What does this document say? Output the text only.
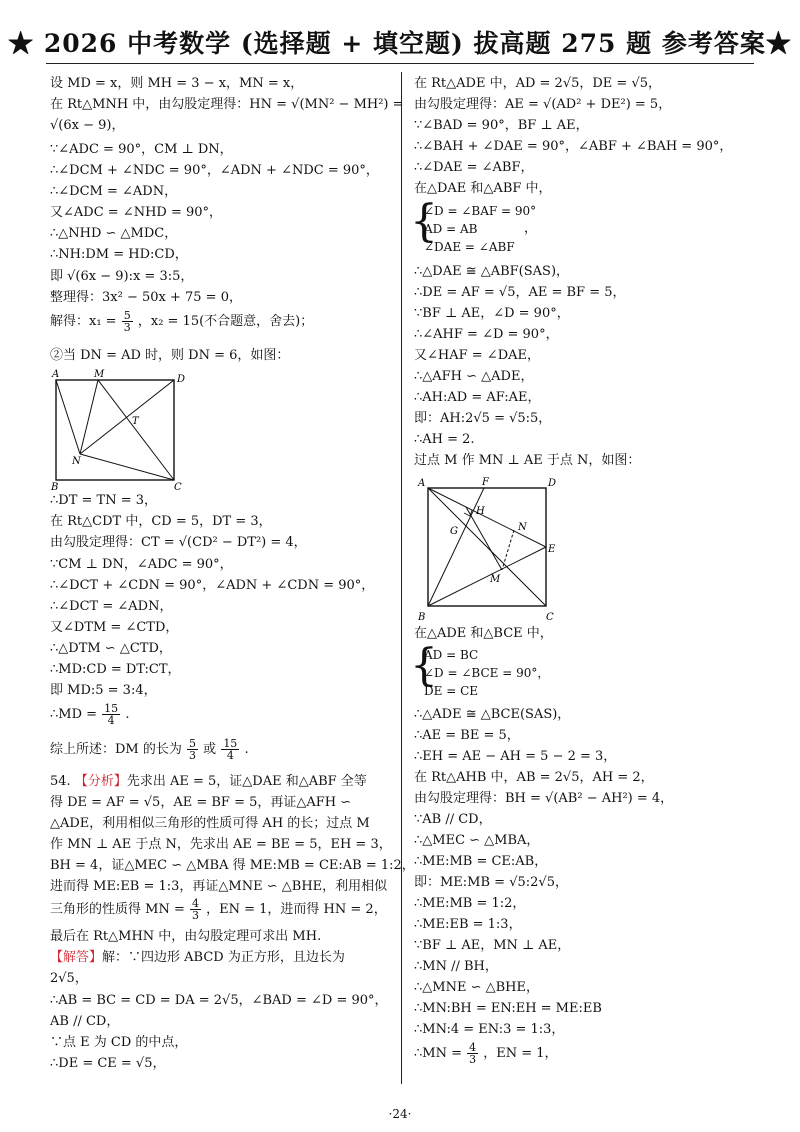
★ 2026 中考数学 (选择题 + 填空题) 拔高题 275 题 参考答案★
设 MD = x，则 MH = 3 − x，MN = x，
在 Rt△MNH 中，由勾股定理得：HN = √(MN² − MH²) =
√(6x − 9)，
∵∠ADC = 90°，CM ⊥ DN，
∴∠DCM + ∠NDC = 90°，∠ADN + ∠NDC = 90°，
∴∠DCM = ∠ADN，
又∠ADC = ∠NHD = 90°，
∴△NHD ∽ △MDC，
∴NH:DM = HD:CD，
即 √(6x − 9):x = 3:5，
整理得：3x² − 50x + 75 = 0，
解得：$x_1 = \frac{5}{3}$ ，x₂ = 15(不合题意，舍去)；
②当 DN = AD 时，则 DN = 6，如图：
A	M	D
T
N
B	C
∴DT = TN = 3，
在 Rt△CDT 中，CD = 5，DT = 3，
由勾股定理得：CT = √(CD² − DT²) = 4，
∵CM ⊥ DN，∠ADC = 90°，
∴∠DCT + ∠CDN = 90°，∠ADN + ∠CDN = 90°，
∴∠DCT = ∠ADN，
又∠DTM = ∠CTD，
∴△DTM ∽ △CTD，
∴MD:CD = DT:CT，
即 MD:5 = 3:4，
∴MD = $\frac{15}{4}$ .
综上所述：DM 的长为 $\frac{5}{3}$ 或 $\frac{15}{4}$ .
54. 【分析】先求出 AE = 5，证△DAE 和△ABF 全等
得 DE = AF = √5，AE = BF = 5，再证△AFH ∽
△ADE，利用相似三角形的性质可得 AH 的长；过点 M
作 MN ⊥ AE 于点 N，先求出 AE = BE = 5，EH = 3，
BH = 4，证△MEC ∽ △MBA 得 ME:MB = CE:AB = 1:2，
进而得 ME:EB = 1:3，再证△MNE ∽ △BHE，利用相似
三角形的性质得 MN = $\frac{4}{3}$ ，EN = 1，进而得 HN = 2，
最后在 Rt△MHN 中，由勾股定理可求出 MH.
【解答】解：∵四边形 ABCD 为正方形，且边长为
2√5，
∴AB = BC = CD = DA = 2√5，∠BAD = ∠D = 90°，
AB // CD，
∵点 E 为 CD 的中点，
∴DE = CE = √5，
在 Rt△ADE 中，AD = 2√5，DE = √5，
由勾股定理得：AE = √(AD² + DE²) = 5，
∵∠BAD = 90°，BF ⊥ AE，
∴∠BAH + ∠DAE = 90°，∠ABF + ∠BAH = 90°，
∴∠DAE = ∠ABF，
在△DAE 和△ABF 中，
{
∠D = ∠BAF = 90°
AD = AB
∠DAE = ∠ABF
，
∴△DAE ≅ △ABF(SAS)，
∴DE = AF = √5，AE = BF = 5，
∵BF ⊥ AE，∠D = 90°，
∴∠AHF = ∠D = 90°，
又∠HAF = ∠DAE，
∴△AFH ∽ △ADE，
∴AH:AD = AF:AE，
即：AH:2√5 = √5:5，
∴AH = 2.
过点 M 作 MN ⊥ AE 于点 N，如图：
A	F	D
H
G	N
E
M
B	C
在△ADE 和△BCE 中，
{
AD = BC
∠D = ∠BCE = 90°，
DE = CE
∴△ADE ≅ △BCE(SAS)，
∴AE = BE = 5，
∴EH = AE − AH = 5 − 2 = 3，
在 Rt△AHB 中，AB = 2√5，AH = 2，
由勾股定理得：BH = √(AB² − AH²) = 4，
∵AB // CD，
∴△MEC ∽ △MBA，
∴ME:MB = CE:AB，
即：ME:MB = √5:2√5，
∴ME:MB = 1:2，
∴ME:EB = 1:3，
∵BF ⊥ AE，MN ⊥ AE，
∴MN // BH，
∴△MNE ∽ △BHE，
∴MN:BH = EN:EH = ME:EB
∴MN:4 = EN:3 = 1:3，
∴MN = $\frac{4}{3}$ ，EN = 1，
·24·
